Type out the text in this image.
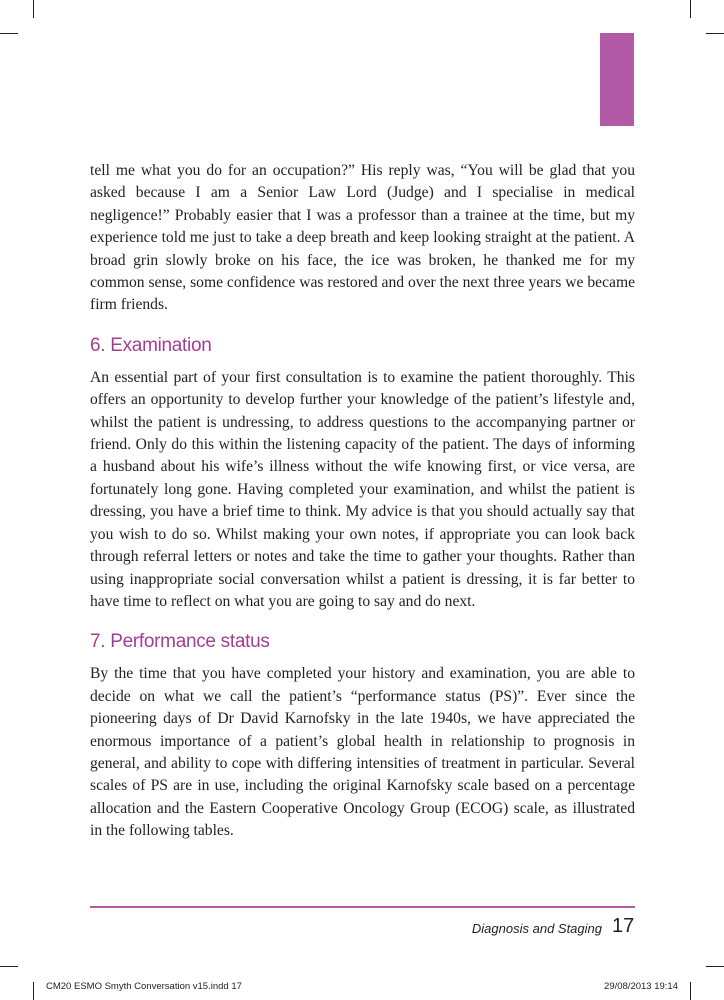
tell me what you do for an occupation?” His reply was, “You will be glad that you asked because I am a Senior Law Lord (Judge) and I specialise in medical negligence!” Probably easier that I was a professor than a trainee at the time, but my experience told me just to take a deep breath and keep looking straight at the patient. A broad grin slowly broke on his face, the ice was broken, he thanked me for my common sense, some confidence was restored and over the next three years we became firm friends.

6. Examination

An essential part of your first consultation is to examine the patient thoroughly. This offers an opportunity to develop further your knowledge of the patient’s lifestyle and, whilst the patient is undressing, to address questions to the accompanying partner or friend. Only do this within the listening capacity of the patient. The days of informing a husband about his wife’s illness without the wife knowing first, or vice versa, are fortunately long gone. Having completed your examination, and whilst the patient is dressing, you have a brief time to think. My advice is that you should actually say that you wish to do so. Whilst making your own notes, if appropriate you can look back through referral letters or notes and take the time to gather your thoughts. Rather than using inappropriate social conversation whilst a patient is dressing, it is far better to have time to reflect on what you are going to say and do next.

7. Performance status

By the time that you have completed your history and examination, you are able to decide on what we call the patient’s “performance status (PS)”. Ever since the pioneering days of Dr David Karnofsky in the late 1940s, we have appreciated the enormous importance of a patient’s global health in relationship to prognosis in general, and ability to cope with differing intensities of treatment in particular. Several scales of PS are in use, including the original Karnofsky scale based on a percentage allocation and the Eastern Cooperative Oncology Group (ECOG) scale, as illustrated in the following tables.

Diagnosis and Staging 17
CM20 ESMO Smyth Conversation v15.indd 17	29/08/2013 19:14
